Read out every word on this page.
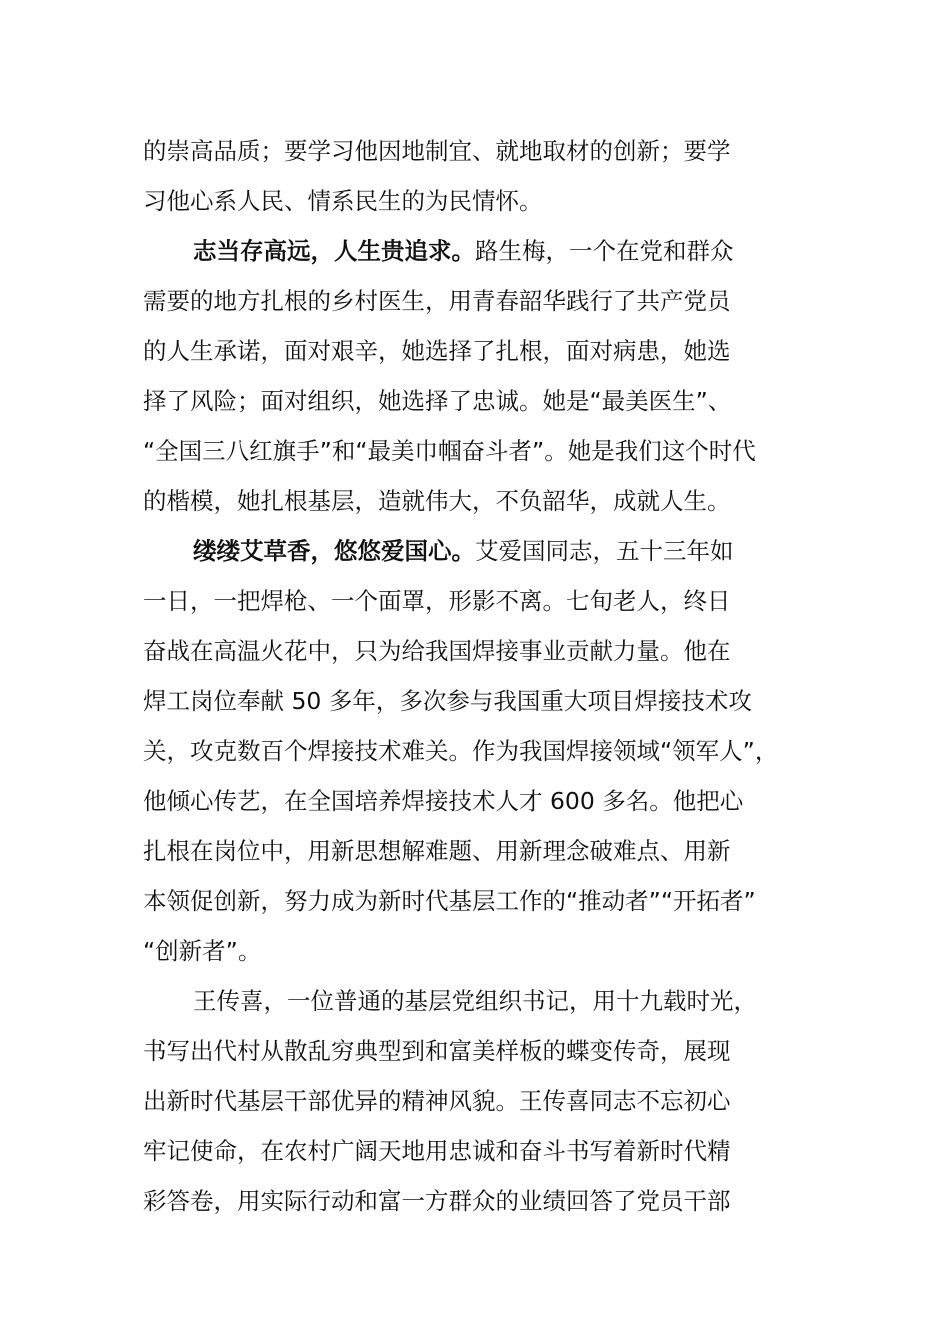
的崇高品质；要学习他因地制宜、就地取材的创新；要学
习他心系人民、情系民生的为民情怀。
志当存高远，人生贵追求。路生梅，一个在党和群众
需要的地方扎根的乡村医生，用青春韶华践行了共产党员
的人生承诺，面对艰辛，她选择了扎根，面对病患，她选
择了风险；面对组织，她选择了忠诚。她是“最美医生”、
“全国三八红旗手”和“最美巾帼奋斗者”。她是我们这个时代
的楷模，她扎根基层，造就伟大，不负韶华，成就人生。
缕缕艾草香，悠悠爱国心。艾爱国同志，五十三年如
一日，一把焊枪、一个面罩，形影不离。七旬老人，终日
奋战在高温火花中，只为给我国焊接事业贡献力量。他在
焊工岗位奉献 50 多年，多次参与我国重大项目焊接技术攻
关，攻克数百个焊接技术难关。作为我国焊接领域“领军人”，
他倾心传艺，在全国培养焊接技术人才 600 多名。他把心
扎根在岗位中，用新思想解难题、用新理念破难点、用新
本领促创新，努力成为新时代基层工作的“推动者”“开拓者”
“创新者”。
王传喜，一位普通的基层党组织书记，用十九载时光，
书写出代村从散乱穷典型到和富美样板的蝶变传奇，展现
出新时代基层干部优异的精神风貌。王传喜同志不忘初心
牢记使命，在农村广阔天地用忠诚和奋斗书写着新时代精
彩答卷，用实际行动和富一方群众的业绩回答了党员干部
